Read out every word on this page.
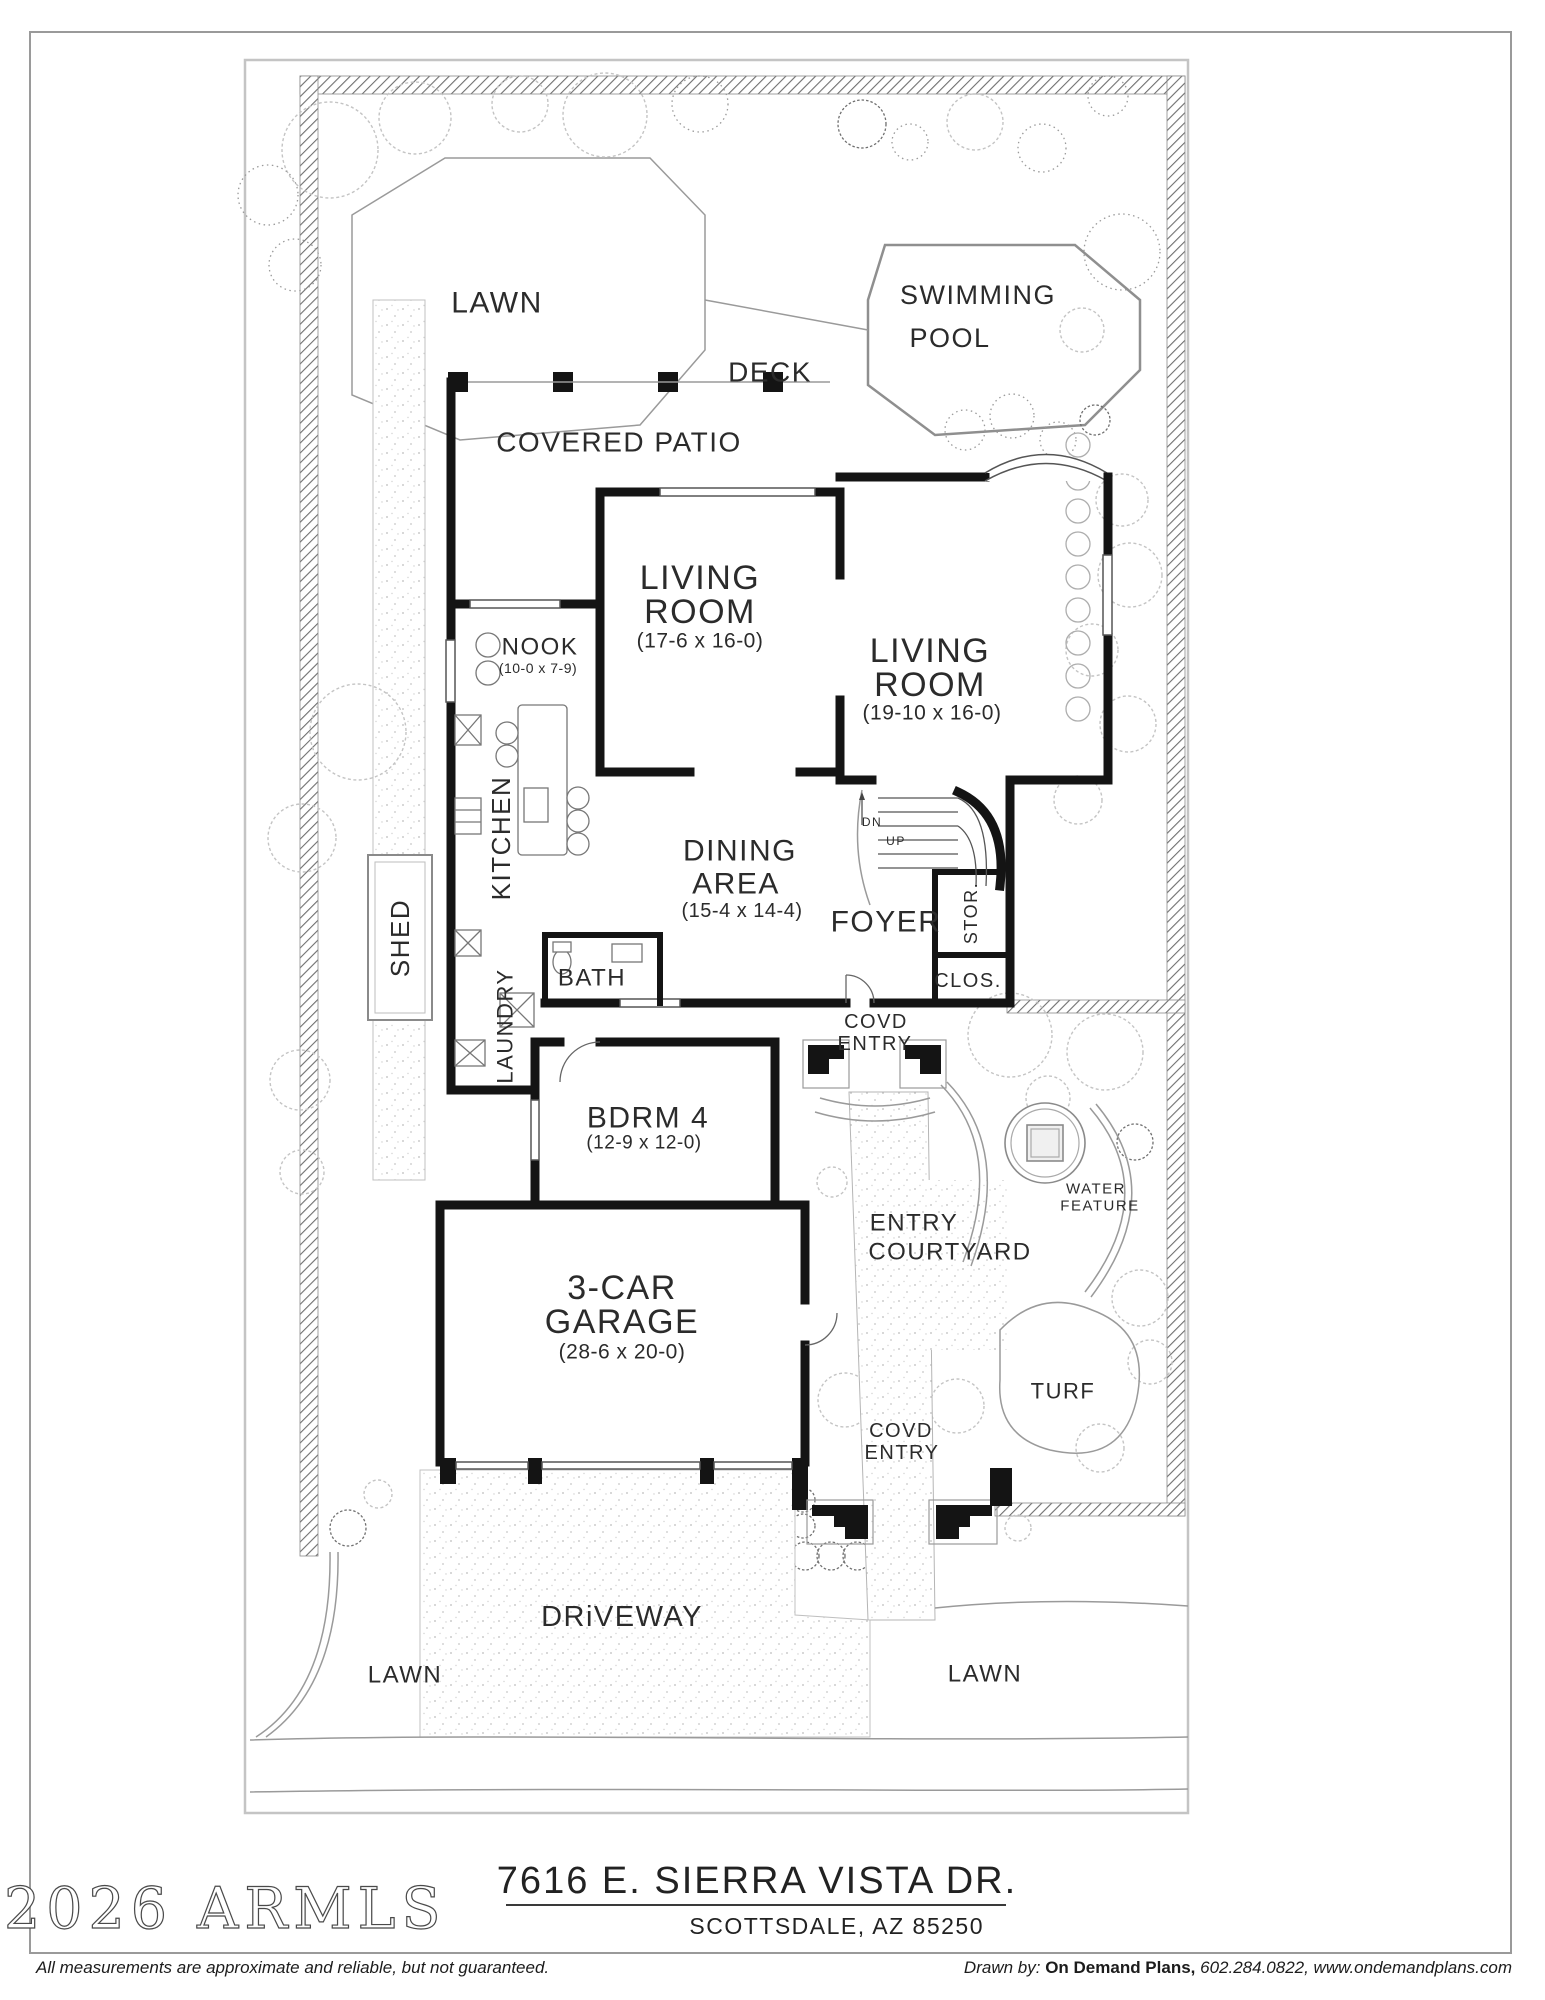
LAWN	SWIMMING
POOL
DECK
COVERED PATIO
LIVING
ROOM
(17-6 x 16-0)	LIVING
ROOM
(19-10 x 16-0)
NOOK
(10-0 x 7-9)
KITCHEN
SHED
DINING
AREA
(15-4 x 14-4) FOYER STOR.
CLOS.
BATH
LAUNDRY
DN
UP
COVD
ENTRY
BDRM 4
(12-9 x 12-0)
3-CAR
GARAGE
(28-6 x 20-0)
ENTRY
COURTYARD
WATER
FEATURE
TURF
COVD
ENTRY
DRiVEWAY
LAWN	LAWN
2026 ARMLS	7616 E. SIERRA VISTA DR.
SCOTTSDALE, AZ 85250
All measurements are approximate and reliable, but not guaranteed.	Drawn by: On Demand Plans, 602.284.0822, www.ondemandplans.com
